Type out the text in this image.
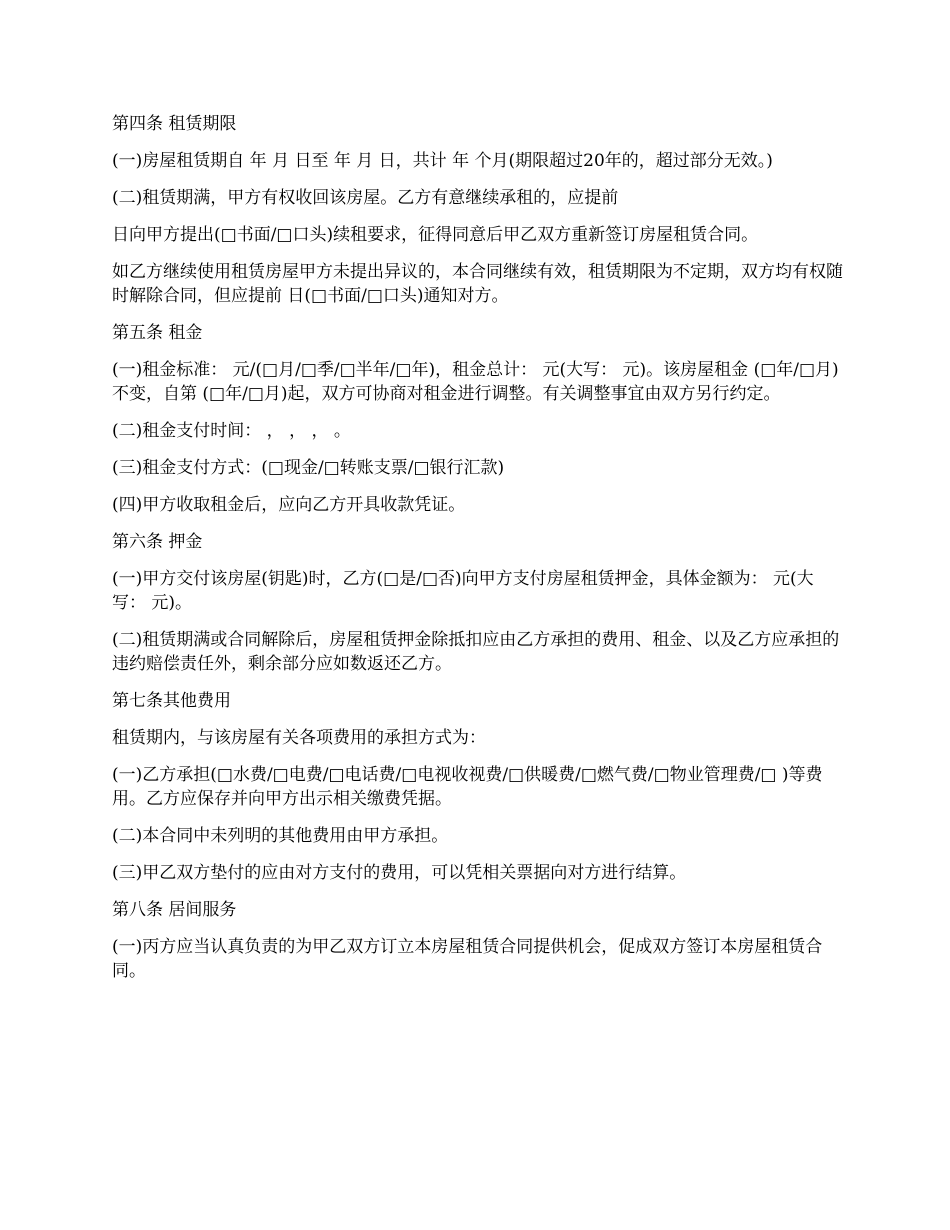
第四条 租赁期限

(一)房屋租赁期自 年 月 日至 年 月 日，共计 年 个月(期限超过20年的，超过部分无效。)

(二)租赁期满，甲方有权收回该房屋。乙方有意继续承租的，应提前

日向甲方提出(□书面/□口头)续租要求，征得同意后甲乙双方重新签订房屋租赁合同。

如乙方继续使用租赁房屋甲方未提出异议的，本合同继续有效，租赁期限为不定期，双方均有权随时解除合同，但应提前 日(□书面/□口头)通知对方。

第五条 租金

(一)租金标准： 元/(□月/□季/□半年/□年)，租金总计： 元(大写： 元)。该房屋租金 (□年/□月)不变，自第 (□年/□月)起，双方可协商对租金进行调整。有关调整事宜由双方另行约定。

(二)租金支付时间： ， ， ， 。

(三)租金支付方式：(□现金/□转账支票/□银行汇款)

(四)甲方收取租金后，应向乙方开具收款凭证。

第六条 押金

(一)甲方交付该房屋(钥匙)时，乙方(□是/□否)向甲方支付房屋租赁押金，具体金额为： 元(大写： 元)。

(二)租赁期满或合同解除后，房屋租赁押金除抵扣应由乙方承担的费用、租金、以及乙方应承担的违约赔偿责任外，剩余部分应如数返还乙方。

第七条其他费用

租赁期内，与该房屋有关各项费用的承担方式为：

(一)乙方承担(□水费/□电费/□电话费/□电视收视费/□供暖费/□燃气费/□物业管理费/□ )等费用。乙方应保存并向甲方出示相关缴费凭据。

(二)本合同中未列明的其他费用由甲方承担。

(三)甲乙双方垫付的应由对方支付的费用，可以凭相关票据向对方进行结算。

第八条 居间服务

(一)丙方应当认真负责的为甲乙双方订立本房屋租赁合同提供机会，促成双方签订本房屋租赁合同。
